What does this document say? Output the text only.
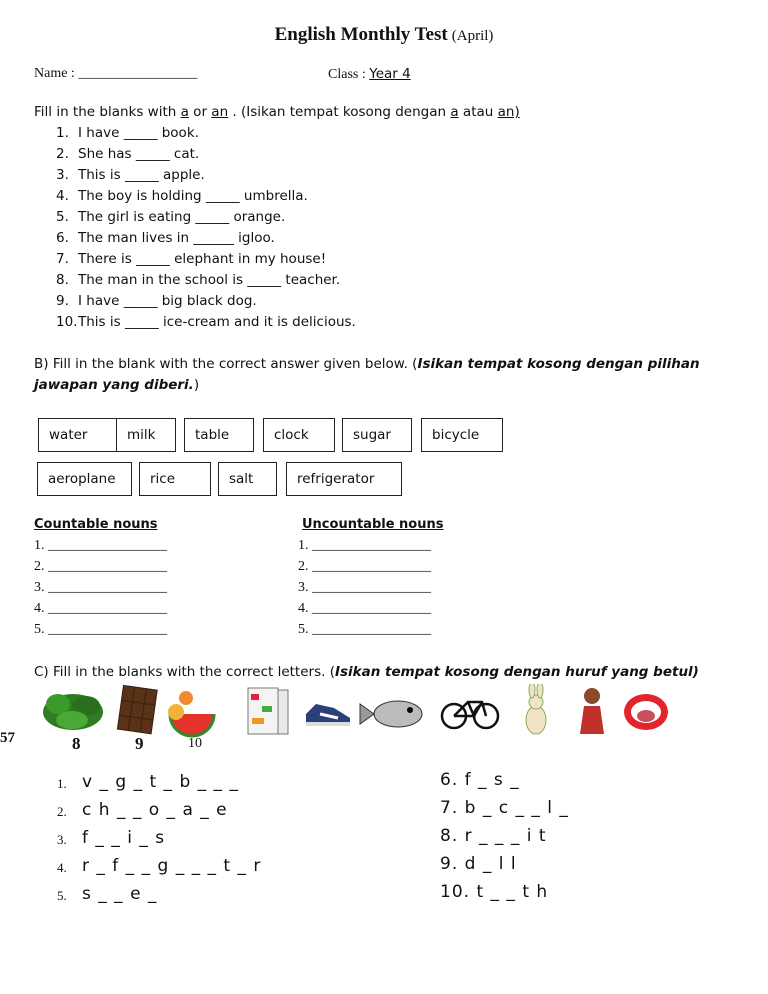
English Monthly Test (April)
Name : _________________	Class : Year 4
Fill in the blanks with a or an . (Isikan tempat kosong dengan a atau an)
1. I have _____ book.
2. She has _____ cat.
3. This is _____ apple.
4. The boy is holding _____ umbrella.
5. The girl is eating _____ orange.
6. The man lives in ______ igloo.
7. There is _____ elephant in my house!
8. The man in the school is _____ teacher.
9. I have _____ big black dog.
10.This is _____ ice-cream and it is delicious.
B) Fill in the blank with the correct answer given below. (Isikan tempat kosong dengan pilihan
jawapan yang diberi.)
water	milk	table	clock	sugar	bicycle
aeroplane	rice	salt	refrigerator
Countable nouns	Uncountable nouns
1. _________________	1. _________________
2. _________________	2. _________________
3. _________________	3. _________________
4. _________________	4. _________________
5. _________________	5. _________________
C) Fill in the blanks with the correct letters. (Isikan tempat kosong dengan huruf yang betul)
57	8	9	10
1. v _ g _ t _ b _ _ _
2. c h _ _ o _ a _ e
3. f _ _ i _ s
4. r _ f _ _ g _ _ _ t _ r
5. s _ _ e _
6. f _ s _
7. b _ c _ _ l _
8. r _ _ _ i t
9. d _ l l
10. t _ _ t h
